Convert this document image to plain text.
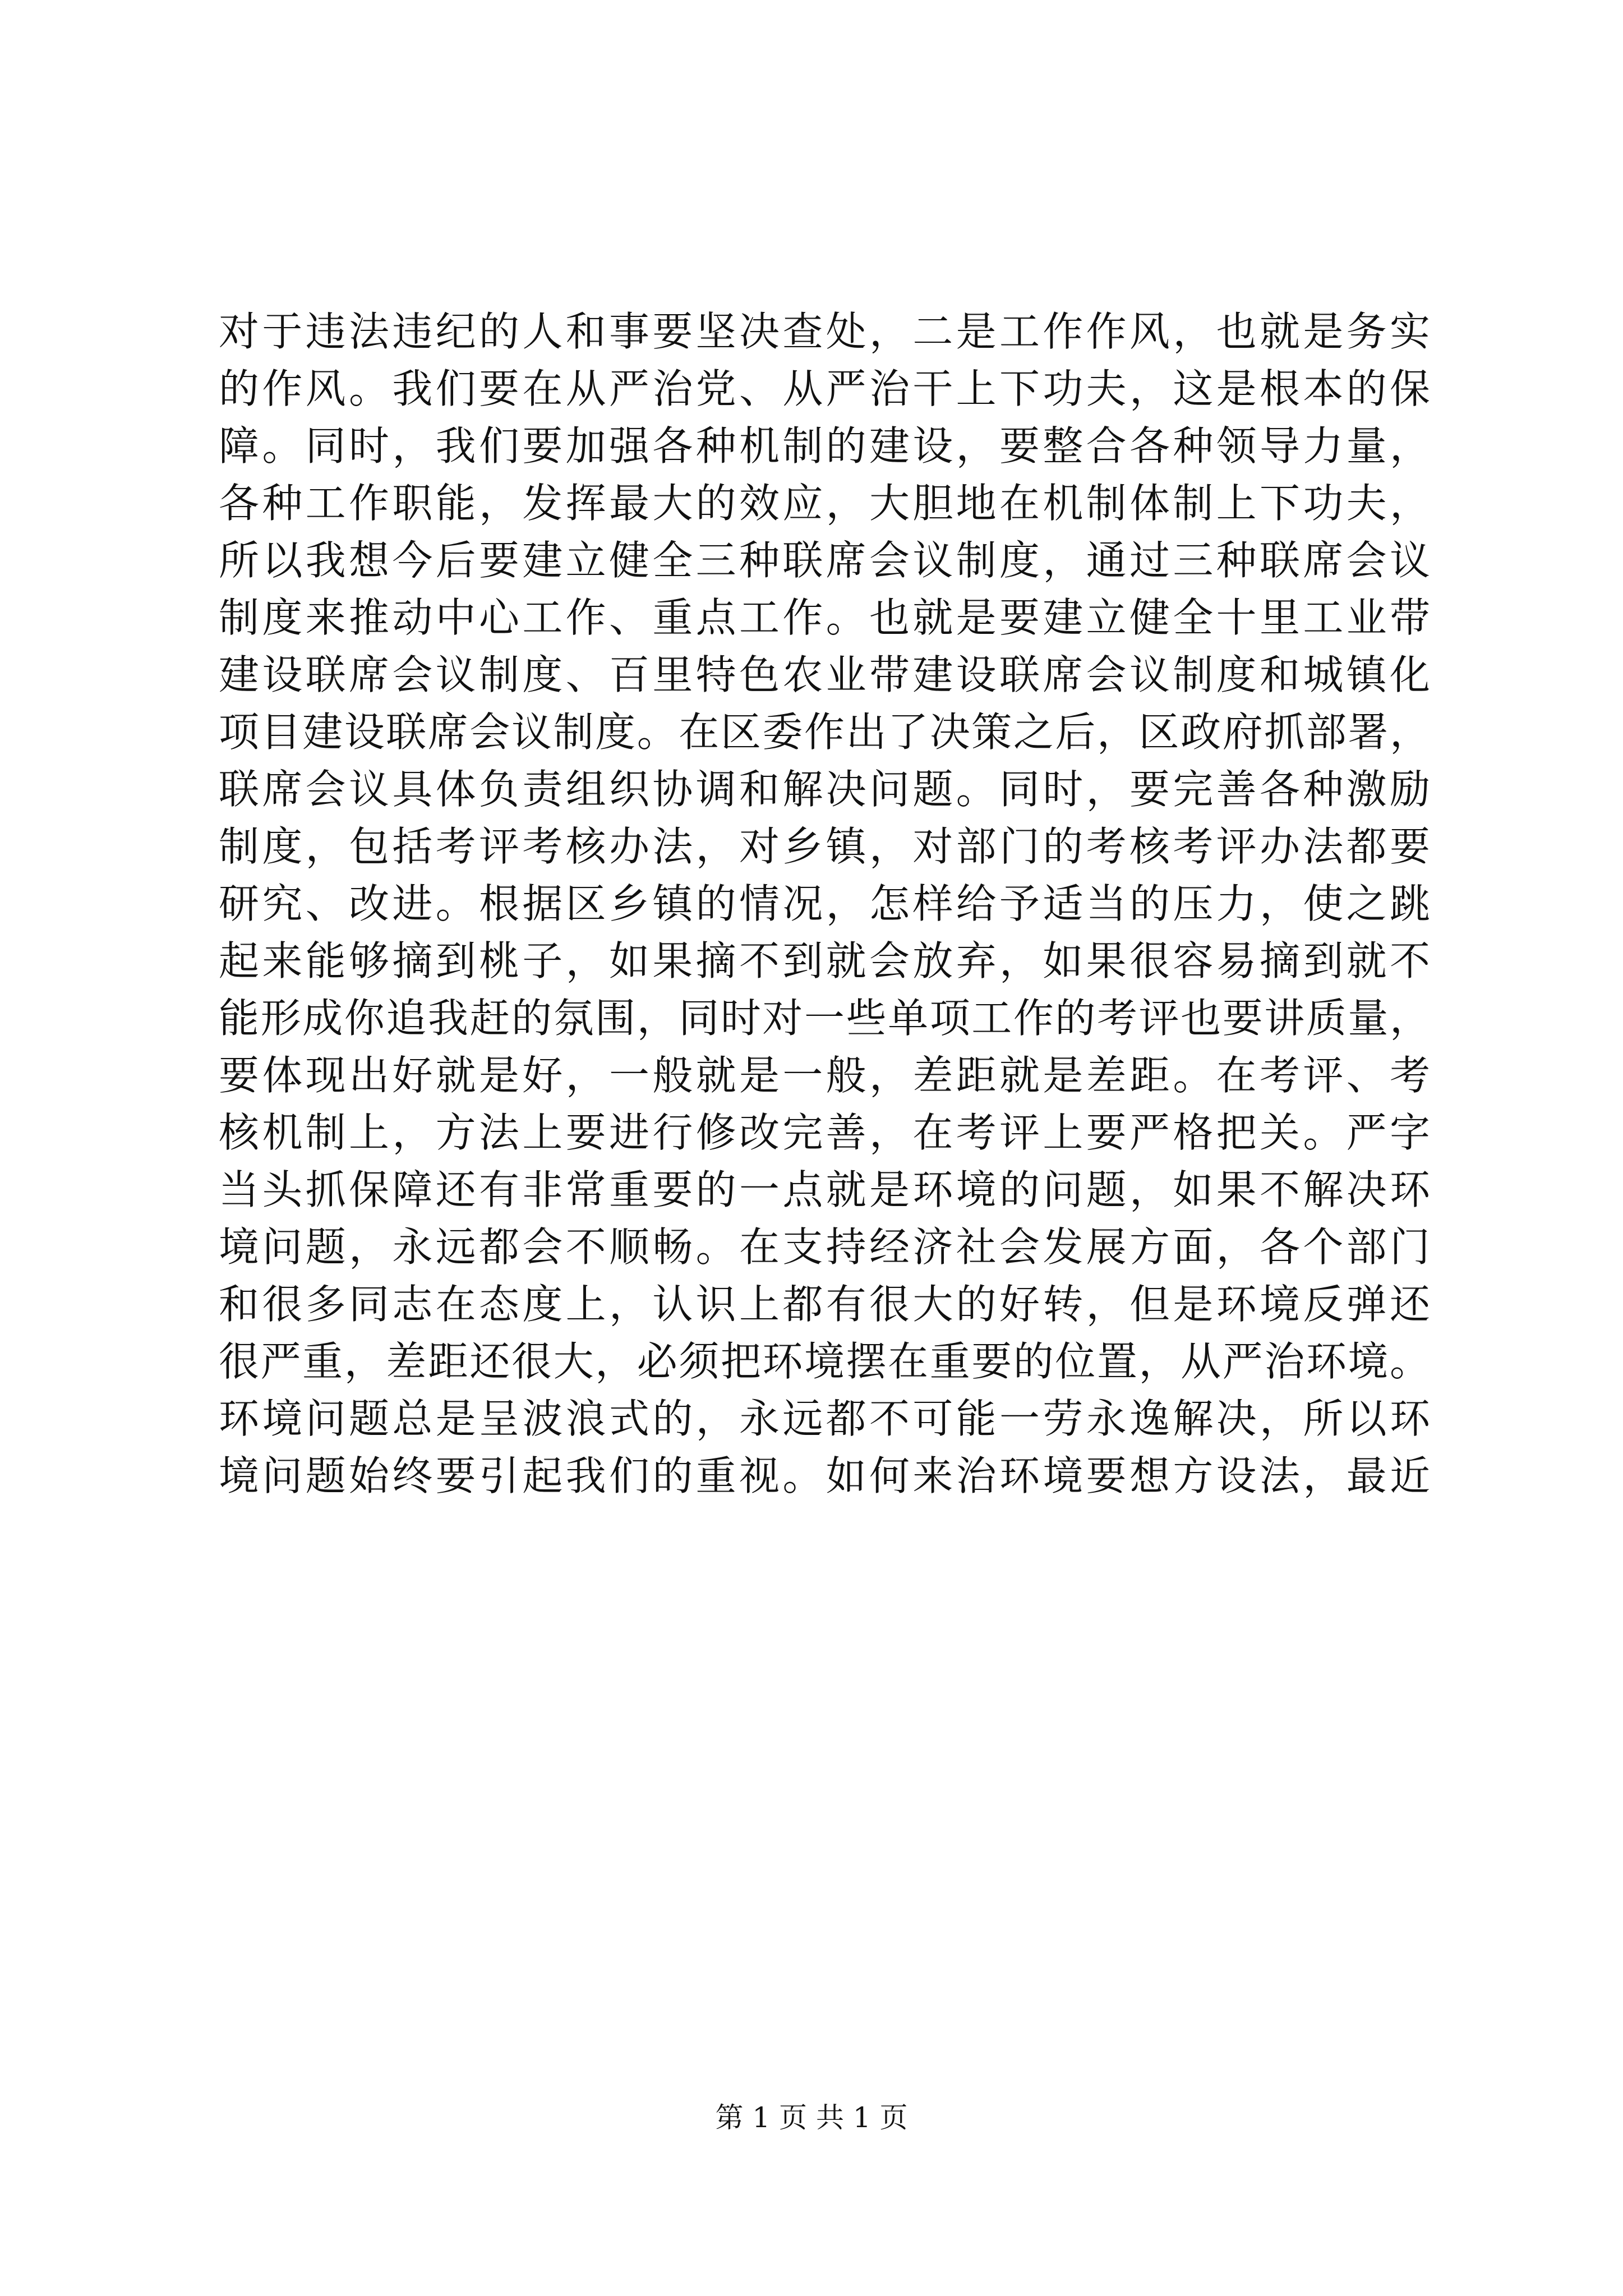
对于违法违纪的人和事要坚决查处，二是工作作风，也就是务实
的作风。我们要在从严治党、从严治干上下功夫，这是根本的保
障。同时，我们要加强各种机制的建设，要整合各种领导力量，
各种工作职能，发挥最大的效应，大胆地在机制体制上下功夫，
所以我想今后要建立健全三种联席会议制度，通过三种联席会议
制度来推动中心工作、重点工作。也就是要建立健全十里工业带
建设联席会议制度、百里特色农业带建设联席会议制度和城镇化
项目建设联席会议制度。在区委作出了决策之后，区政府抓部署，
联席会议具体负责组织协调和解决问题。同时，要完善各种激励
制度，包括考评考核办法，对乡镇，对部门的考核考评办法都要
研究、改进。根据区乡镇的情况，怎样给予适当的压力，使之跳
起来能够摘到桃子，如果摘不到就会放弃，如果很容易摘到就不
能形成你追我赶的氛围，同时对一些单项工作的考评也要讲质量，
要体现出好就是好，一般就是一般，差距就是差距。在考评、考
核机制上，方法上要进行修改完善，在考评上要严格把关。严字
当头抓保障还有非常重要的一点就是环境的问题，如果不解决环
境问题，永远都会不顺畅。在支持经济社会发展方面，各个部门
和很多同志在态度上，认识上都有很大的好转，但是环境反弹还
很严重，差距还很大，必须把环境摆在重要的位置，从严治环境。
环境问题总是呈波浪式的，永远都不可能一劳永逸解决，所以环
境问题始终要引起我们的重视。如何来治环境要想方设法，最近
第 1 页 共 1 页
